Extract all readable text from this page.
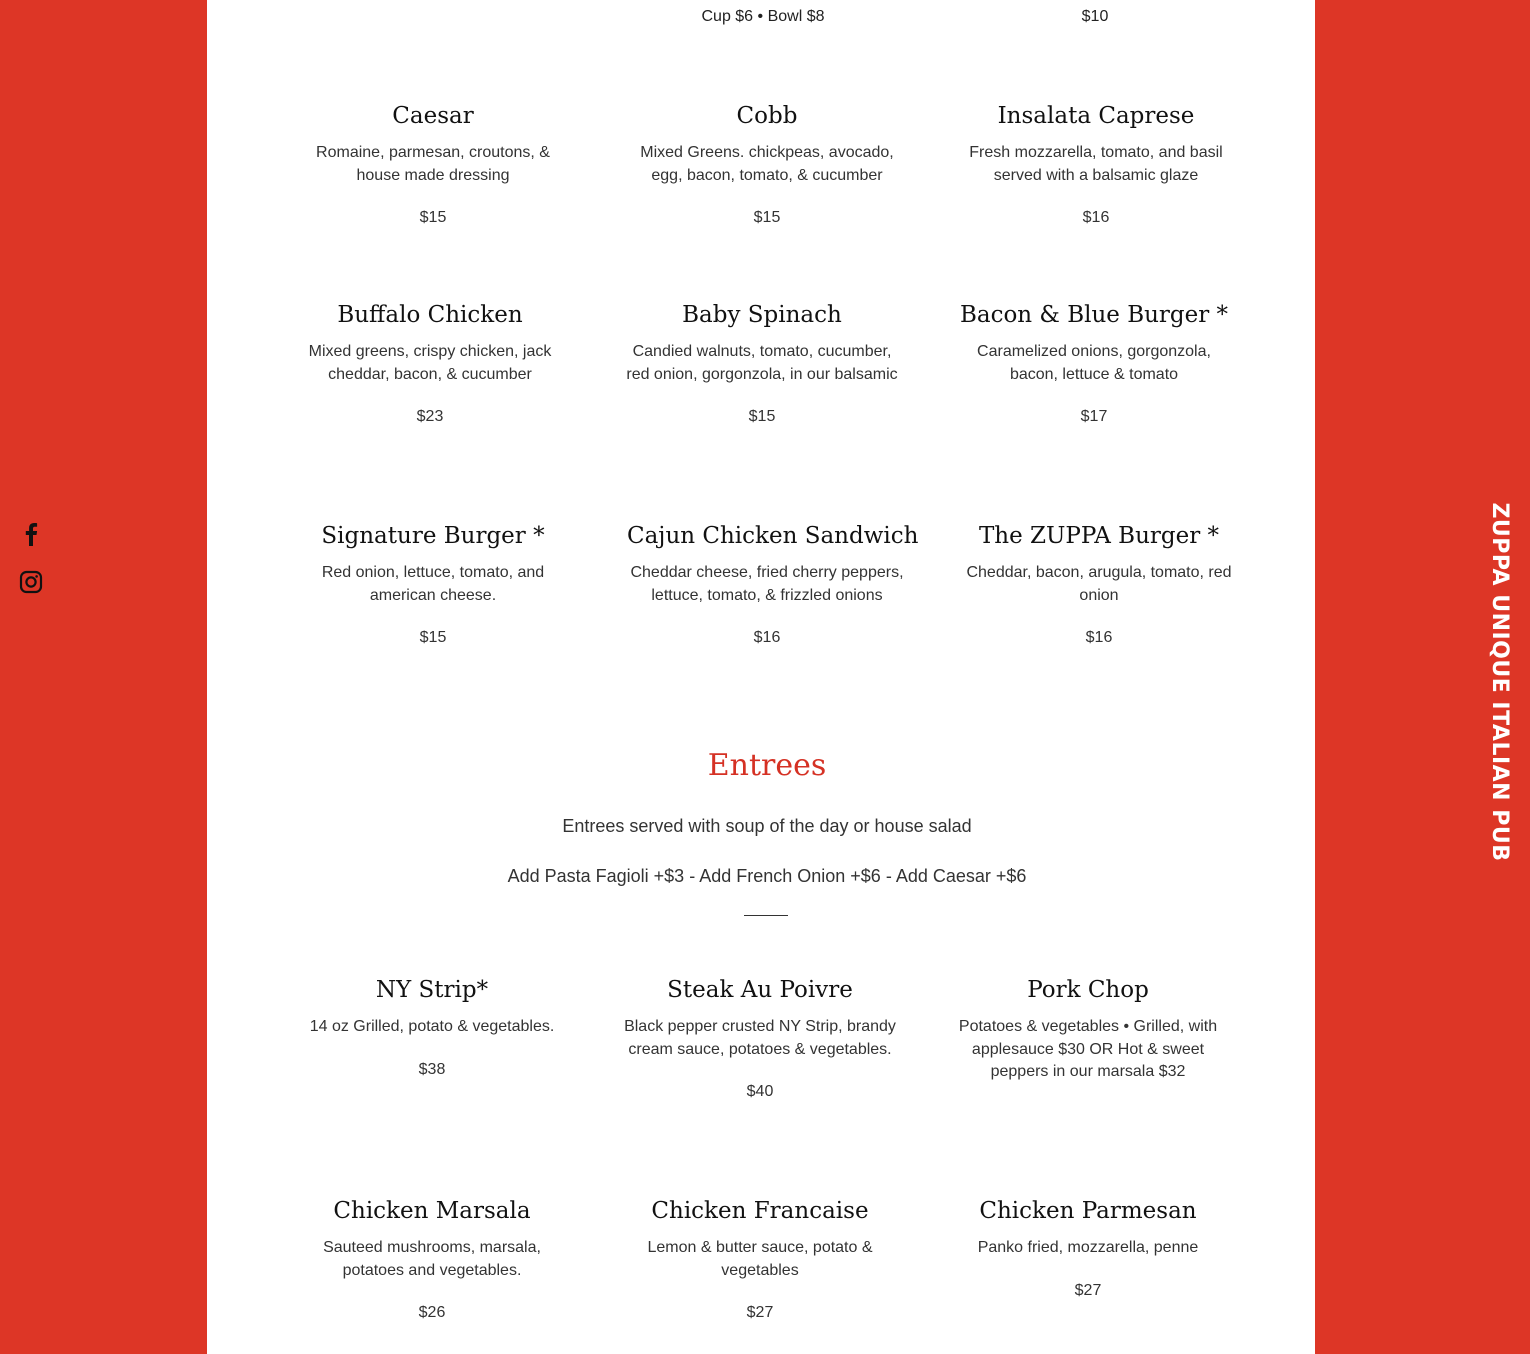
ZUPPA UNIQUE ITALIAN PUB
Cup $6 • Bowl $8	$10
Caesar
Romaine, parmesan, croutons, & house made dressing
$15
Cobb
Mixed Greens. chickpeas, avocado, egg, bacon, tomato, & cucumber
$15
Insalata Caprese
Fresh mozzarella, tomato, and basil served with a balsamic glaze
$16
Buffalo Chicken
Mixed greens, crispy chicken, jack cheddar, bacon, & cucumber
$23
Baby Spinach
Candied walnuts, tomato, cucumber, red onion, gorgonzola, in our balsamic
$15
Bacon & Blue Burger *
Caramelized onions, gorgonzola, bacon, lettuce & tomato
$17
Signature Burger *
Red onion, lettuce, tomato, and american cheese.
$15
Cajun Chicken Sandwich
Cheddar cheese, fried cherry peppers, lettuce, tomato, & frizzled onions
$16
The ZUPPA Burger *
Cheddar, bacon, arugula, tomato, red onion
$16
Entrees
Entrees served with soup of the day or house salad
Add Pasta Fagioli +$3 - Add French Onion +$6 - Add Caesar +$6
NY Strip*
14 oz Grilled, potato & vegetables.
$38
Steak Au Poivre
Black pepper crusted NY Strip, brandy cream sauce, potatoes & vegetables.
$40
Pork Chop
Potatoes & vegetables • Grilled, with applesauce $30 OR Hot & sweet peppers in our marsala $32
Chicken Marsala
Sauteed mushrooms, marsala, potatoes and vegetables.
$26
Chicken Francaise
Lemon & butter sauce, potato & vegetables
$27
Chicken Parmesan
Panko fried, mozzarella, penne
$27
